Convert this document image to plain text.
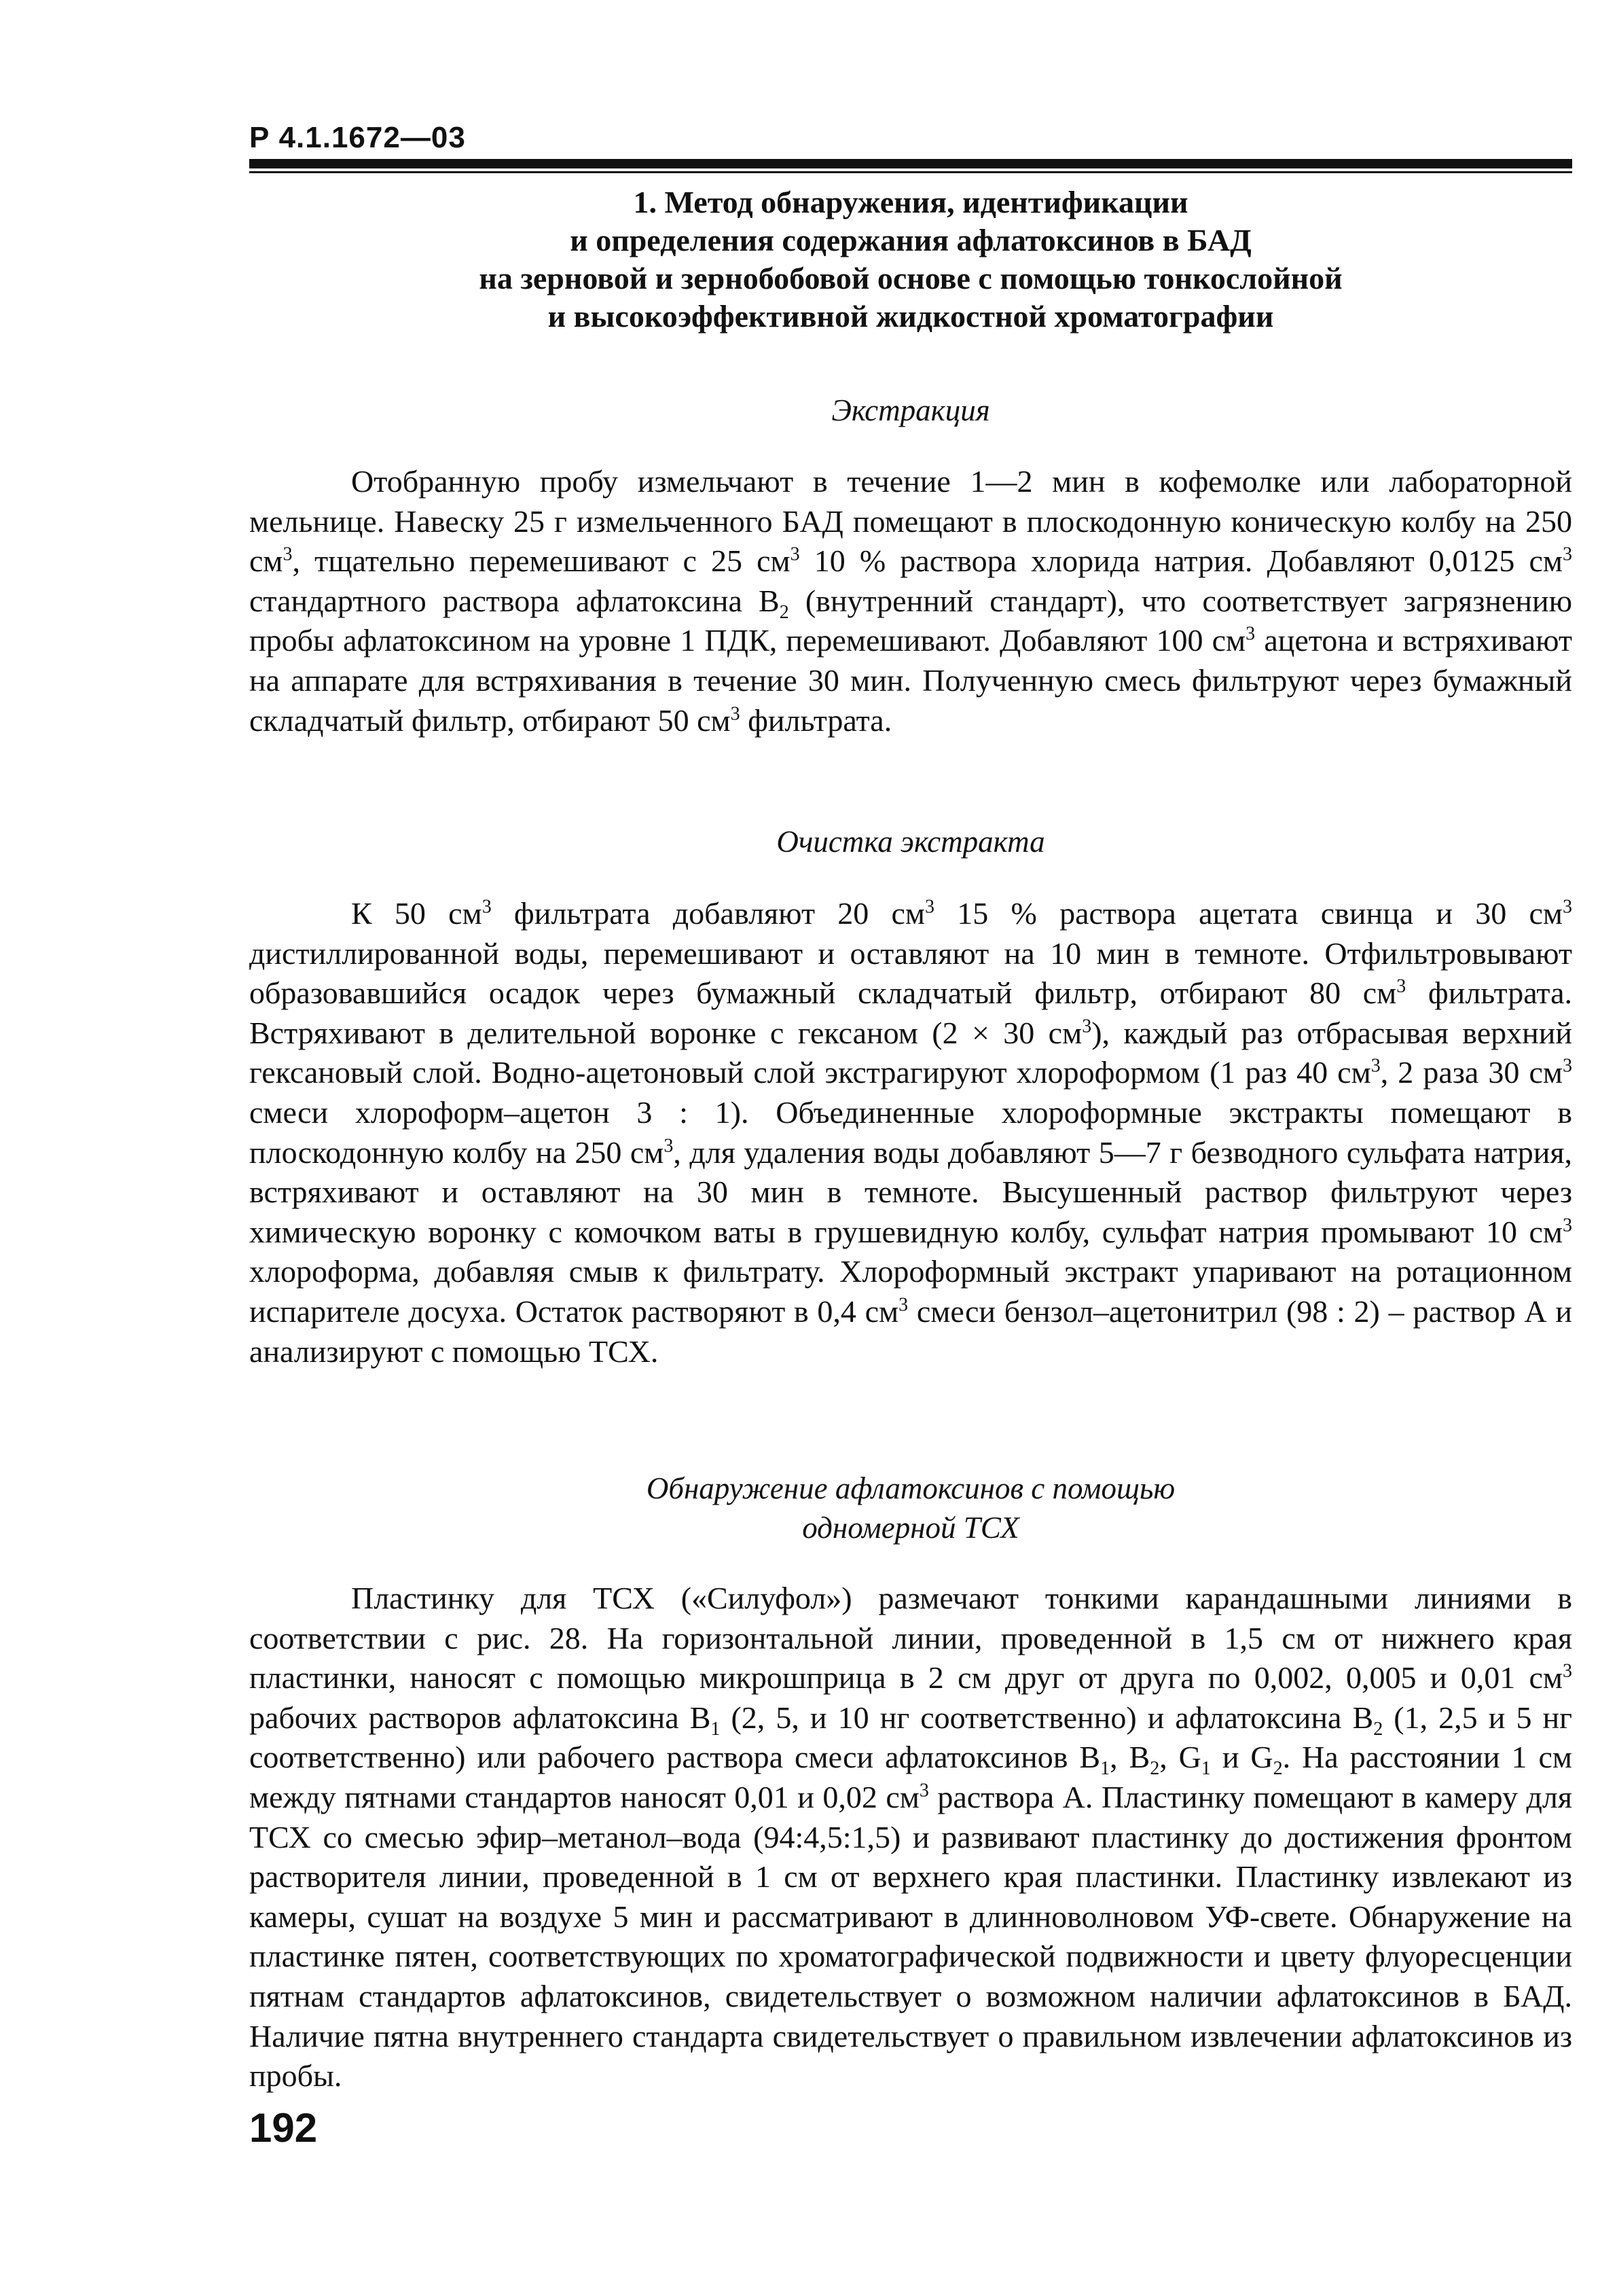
Р 4.1.1672—03
1. Метод обнаружения, идентификации
и определения содержания афлатоксинов в БАД
на зерновой и зернобобовой основе с помощью тонкослойной
и высокоэффективной жидкостной хроматографии
Экстракция
Отобранную пробу измельчают в течение 1—2 мин в кофемолке или лабораторной мельнице. Навеску 25 г измельченного БАД помещают в плоскодонную коническую колбу на 250 $см^3$, тщательно перемешивают с 25 $см^3$ 10 % раствора хлорида натрия. Добавляют 0,0125 $см^3$ стандартного раствора афлатоксина $B_2$ (внутренний стандарт), что соответствует загрязнению пробы афлатоксином на уровне 1 ПДК, перемешивают. Добавляют 100 $см^3$ ацетона и встряхивают на аппарате для встряхивания в течение 30 мин. Полученную смесь фильтруют через бумажный складчатый фильтр, отбирают 50 $см^3$ фильтрата.
Очистка экстракта
К 50 $см^3$ фильтрата добавляют 20 $см^3$ 15 % раствора ацетата свинца и 30 $см^3$ дистиллированной воды, перемешивают и оставляют на 10 мин в темноте. Отфильтровывают образовавшийся осадок через бумажный складчатый фильтр, отбирают 80 $см^3$ фильтрата. Встряхивают в делительной воронке с гексаном (2 × 30 $см^3$), каждый раз отбрасывая верхний гексановый слой. Водно-ацетоновый слой экстрагируют хлороформом (1 раз 40 $см^3$, 2 раза 30 $см^3$ смеси хлороформ–ацетон 3 : 1). Объединенные хлороформные экстракты помещают в плоскодонную колбу на 250 $см^3$, для удаления воды добавляют 5—7 г безводного сульфата натрия, встряхивают и оставляют на 30 мин в темноте. Высушенный раствор фильтруют через химическую воронку с комочком ваты в грушевидную колбу, сульфат натрия промывают 10 $см^3$ хлороформа, добавляя смыв к фильтрату. Хлороформный экстракт упаривают на ротационном испарителе досуха. Остаток растворяют в 0,4 $см^3$ смеси бензол–ацетонитрил (98 : 2) – раствор А и анализируют с помощью ТСХ.
Обнаружение афлатоксинов с помощью
одномерной ТСХ
Пластинку для ТСХ («Силуфол») размечают тонкими карандашными линиями в соответствии с рис. 28. На горизонтальной линии, проведенной в 1,5 см от нижнего края пластинки, наносят с помощью микрошприца в 2 см друг от друга по 0,002, 0,005 и 0,01 $см^3$ рабочих растворов афлатоксина $B_1$ (2, 5, и 10 нг соответственно) и афлатоксина $B_2$ (1, 2,5 и 5 нг соответственно) или рабочего раствора смеси афлатоксинов $B_1$, $B_2$, $G_1$ и $G_2$. На расстоянии 1 см между пятнами стандартов наносят 0,01 и 0,02 $см^3$ раствора А. Пластинку помещают в камеру для ТСХ со смесью эфир–метанол–вода (94:4,5:1,5) и развивают пластинку до достижения фронтом растворителя линии, проведенной в 1 см от верхнего края пластинки. Пластинку извлекают из камеры, сушат на воздухе 5 мин и рассматривают в длинноволновом УФ-свете. Обнаружение на пластинке пятен, соответствующих по хроматографической подвижности и цвету флуоресценции пятнам стандартов афлатоксинов, свидетельствует о возможном наличии афлатоксинов в БАД. Наличие пятна внутреннего стандарта свидетельствует о правильном извлечении афлатоксинов из пробы.
192
